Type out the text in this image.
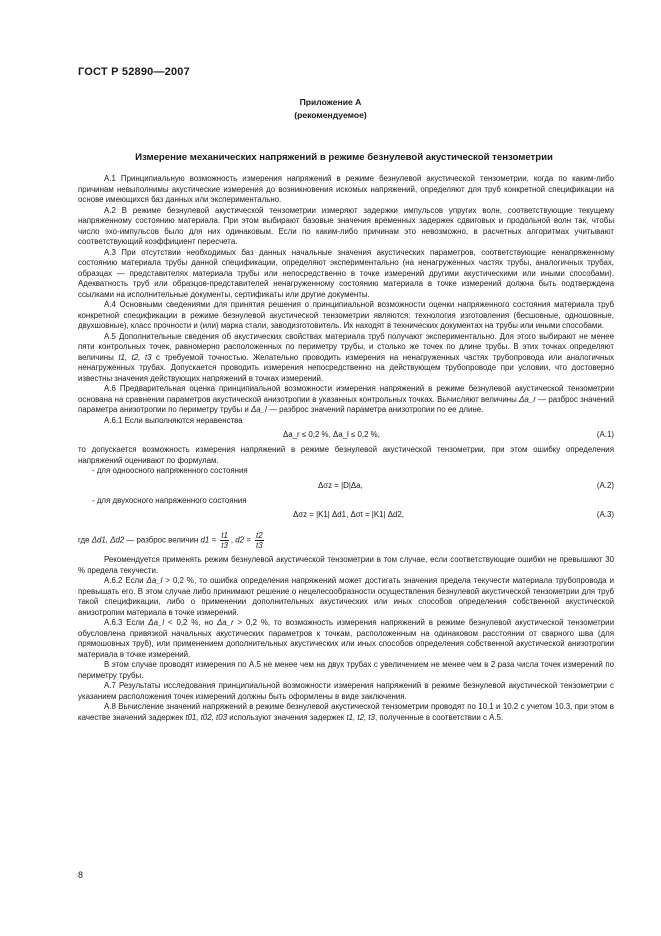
ГОСТ Р 52890—2007
Приложение А
(рекомендуемое)
Измерение механических напряжений в режиме безнулевой акустической тензометрии

А.1 Принципиальную возможность измерения напряжений в режиме безнулевой акустической тензометрии, когда по каким-либо причинам невыполнимы акустические измерения до возникновения искомых напряжений, определяют для труб конкретной спецификации на основе имеющихся баз данных или экспериментально.

А.2 В режиме безнулевой акустической тензометрии измеряют задержки импульсов упругих волн, соответствующие текущему напряженному состоянию материала. При этом выбирают базовые значения временных задержек сдвиговых и продольной волн так, чтобы число эхо-импульсов было для них одинаковым. Если по каким-либо причинам это невозможно, в расчетных алгоритмах учитывают соответствующий коэффициент пересчета.

А.3 При отсутствии необходимых баз данных начальные значения акустических параметров, соответствующие ненапряженному состоянию материала трубы данной спецификации, определяют экспериментально (на ненагруженных частях трубы, аналогичных трубах, образцах — представителях материала трубы или непосредственно в точке измерений другими акустическими или иными способами). Адекватность труб или образцов-представителей ненагруженному состоянию материала в точке измерений должна быть подтверждена ссылками на исполнительные документы, сертификаты или другие документы.

А.4 Основными сведениями для принятия решения о принципиальной возможности оценки напряженного состояния материала труб конкретной спецификации в режиме безнулевой акустической тензометрии являются: технология изготовления (бесшовные, одношовные, двухшовные), класс прочности и (или) марка стали, заводизготовитель. Их находят в технических документах на трубы или иными способами.

А.5 Дополнительные сведения об акустических свойствах материала труб получают экспериментально. Для этого выбирают не менее пяти контрольных точек, равномерно расположенных по периметру трубы, и столько же точек по длине трубы. В этих точках определяют величины t1, t2, t3 с требуемой точностью. Желательно проводить измерения на ненагруженных частях трубопровода или аналогичных ненагруженных трубах. Допускается проводить измерения непосредственно на действующем трубопроводе при условии, что достоверно известны значения действующих напряжений в точках измерений.

А.6 Предварительная оценка принципиальной возможности измерения напряжений в режиме безнулевой акустической тензометрии основана на сравнении параметров акустической анизотропии в указанных контрольных точках. Вычисляют величины Δa_r — разброс значений параметра анизотропии по периметру трубы и Δa_l — разброс значений параметра анизотропии по ее длине.

А.6.1 Если выполняются неравенства

Δa_r ≤ 0,2 %, Δa_l ≤ 0,2 %,	(А.1)

то допускается возможность измерения напряжений в режиме безнулевой акустической тензометрии, при этом ошибку определения напряжений оценивают по формулам.

- для одноосного напряженного состояния

Δσz = |D|Δa,	(А.2)

- для двухосного напряженного состояния

Δσz = |K1| Δd1, Δσt = |K1| Δd2,	(А.3)
где Δd1, Δd2 — разброс величин $d1 = \frac{t1}{t3}$ , $d2 = \frac{t2}{t3}$

Рекомендуется применять режим безнулевой акустической тензометрии в том случае, если соответствующие ошибки не превышают 30 % предела текучести.

А.6.2 Если Δa_l > 0,2 %, то ошибка определения напряжений может достигать значения предела текучести материала трубопровода и превышать его. В этом случае либо принимают решение о нецелесообразности осуществления безнулевой акустической тензометрии для труб такой спецификации, либо о применении дополнительных акустических или иных способов определения собственной акустической анизотропии материала в точке измерений.

А.6.3 Если Δa_l < 0,2 %, но Δa_r > 0,2 %, то возможность измерения напряжений в режиме безнулевой акустической тензометрии обусловлена привязкой начальных акустических параметров к точкам, расположенным на одинаковом расстоянии от сварного шва (для прямошовных труб), или применением дополнительных акустических или иных способов определения собственной акустической анизотропии материала в точке измерений.

В этом случае проводят измерения по А.5 не менее чем на двух трубах с увеличением не менее чем в 2 раза числа точек измерений по периметру трубы.

А.7 Результаты исследования принципиальной возможности измерения напряжений в режиме безнулевой акустической тензометрии с указанием расположения точек измерений должны быть оформлены в виде заключения.

А.8 Вычисление значений напряжений в режиме безнулевой акустической тензометрии проводят по 10.1 и 10.2 с учетом 10.3, при этом в качестве значений задержек t01, t02, t03 используют значения задержек t1, t2, t3, полученные в соответствии с А.5.

8
